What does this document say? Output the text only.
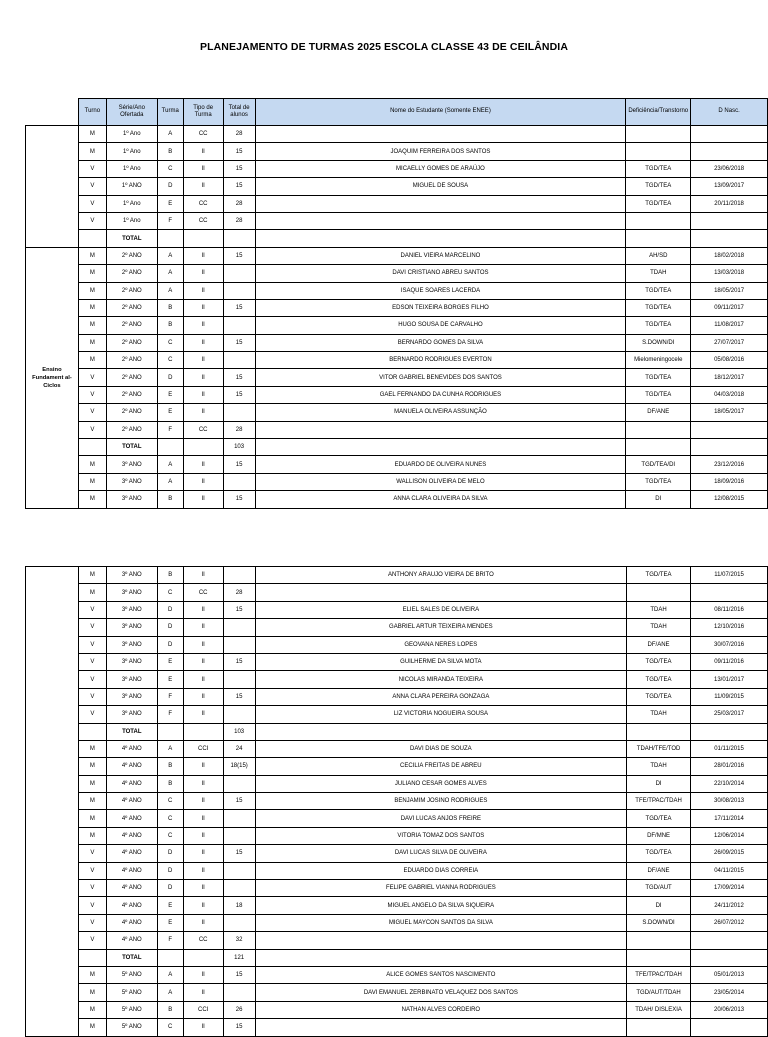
PLANEJAMENTO DE TURMAS 2025 ESCOLA CLASSE 43 DE CEILÂNDIA
	Turno	Série/Ano Ofertada	Turma	Tipo de Turma	Total de alunos	Nome do Estudante (Somente ENEE)	Deficiência/Transtorno	D Nasc.
	M	1º Ano	A	CC	28			
	M	1º Ano	B	II	15	JOAQUIM FERREIRA DOS SANTOS		
	V	1º Ano	C	II	15	MICAELLY GOMES DE ARAÚJO	TGD/TEA	23/06/2018
	V	1º ANO	D	II	15	MIGUEL DE SOUSA	TGD/TEA	13/09/2017
	V	1º Ano	E	CC	28		TGD/TEA	20/11/2018
	V	1º Ano	F	CC	28			
		TOTAL						
Ensino Fundament al- Ciclos	M	2º ANO	A	II	15	DANIEL VIEIRA MARCELINO	AH/SD	18/02/2018
	M	2º ANO	A	II		DAVI CRISTIANO ABREU SANTOS	TDAH	13/03/2018
	M	2º ANO	A	II		ISAQUE SOARES LACERDA	TGD/TEA	18/05/2017
	M	2º ANO	B	II	15	EDSON TEIXEIRA BORGES FILHO	TGD/TEA	09/11/2017
	M	2º ANO	B	II		HUGO SOUSA DE CARVALHO	TGD/TEA	11/08/2017
	M	2º ANO	C	II	15	BERNARDO GOMES DA SILVA	S.DOWN/DI	27/07/2017
	M	2º ANO	C	II		BERNARDO RODRIGUES EVERTON	Mielomeningocele	05/08/2016
	V	2º ANO	D	II	15	VITOR GABRIEL BENEVIDES DOS SANTOS	TGD/TEA	18/12/2017
	V	2º ANO	E	II	15	GAEL FERNANDO DA CUNHA RODRIGUES	TGD/TEA	04/03/2018
	V	2º ANO	E	II		MANUELA OLIVEIRA ASSUNÇÃO	DF/ANE	18/05/2017
	V	2º ANO	F	CC	28			
		TOTAL			103			
	M	3º ANO	A	II	15	EDUARDO DE OLIVEIRA NUNES	TGD/TEA/DI	23/12/2016
	M	3º ANO	A	II		WALLISON OLIVEIRA DE MELO	TGD/TEA	18/09/2016
	M	3º ANO	B	II	15	ANNA CLARA OLIVEIRA DA SILVA	DI	12/08/2015
	M	3º ANO	B	II		ANTHONY ARAUJO VIEIRA DE BRITO	TGD/TEA	11/07/2015
	M	3º ANO	C	CC	28			
	V	3º ANO	D	II	15	ELIEL SALES DE OLIVEIRA	TDAH	08/11/2016
	V	3º ANO	D	II		GABRIEL ARTUR TEIXEIRA MENDES	TDAH	12/10/2016
	V	3º ANO	D	II		GEOVANA NERES LOPES	DF/ANE	30/07/2016
	V	3º ANO	E	II	15	GUILHERME DA SILVA MOTA	TGD/TEA	09/11/2016
	V	3º ANO	E	II		NICOLAS MIRANDA TEIXEIRA	TGD/TEA	13/01/2017
	V	3º ANO	F	II	15	ANNA CLARA PEREIRA GONZAGA	TGD/TEA	11/09/2015
	V	3º ANO	F	II		LIZ VICTORIA NOGUEIRA SOUSA	TDAH	25/03/2017
		TOTAL			103			
	M	4º ANO	A	CCI	24	DAVI DIAS DE SOUZA	TDAH/TFE/TOD	01/11/2015
	M	4º ANO	B	II	18(15)	CECILIA FREITAS DE ABREU	TDAH	28/01/2016
	M	4º ANO	B	II		JULIANO CESAR GOMES ALVES	DI	22/10/2014
	M	4º ANO	C	II	15	BENJAMIM JOSINO RODRIGUES	TFE/TPAC/TDAH	30/08/2013
	M	4º ANO	C	II		DAVI LUCAS ANJOS FREIRE	TGD/TEA	17/11/2014
	M	4º ANO	C	II		VITORIA TOMAZ DOS SANTOS	DF/MNE	12/06/2014
	V	4º ANO	D	II	15	DAVI LUCAS SILVA DE OLIVEIRA	TGD/TEA	26/09/2015
	V	4º ANO	D	II		EDUARDO DIAS CORREIA	DF/ANE	04/11/2015
	V	4º ANO	D	II		FELIPE GABRIEL VIANNA RODRIGUES	TGD/AUT	17/09/2014
	V	4º ANO	E	II	18	MIGUEL ANGELO DA SILVA SIQUEIRA	DI	24/11/2012
	V	4º ANO	E	II		MIGUEL MAYCON SANTOS DA SILVA	S.DOWN/DI	26/07/2012
	V	4º ANO	F	CC	32			
		TOTAL			121			
	M	5º ANO	A	II	15	ALICE GOMES SANTOS NASCIMENTO	TFE/TPAC/TDAH	05/01/2013
	M	5º ANO	A	II		DAVI EMANUEL ZERBINATO VELAQUEZ DOS SANTOS	TGD/AUT/TDAH	23/05/2014
	M	5º ANO	B	CCI	26	NATHAN ALVES CORDEIRO	TDAH/ DISLEXIA	20/06/2013
	M	5º ANO	C	II	15			
